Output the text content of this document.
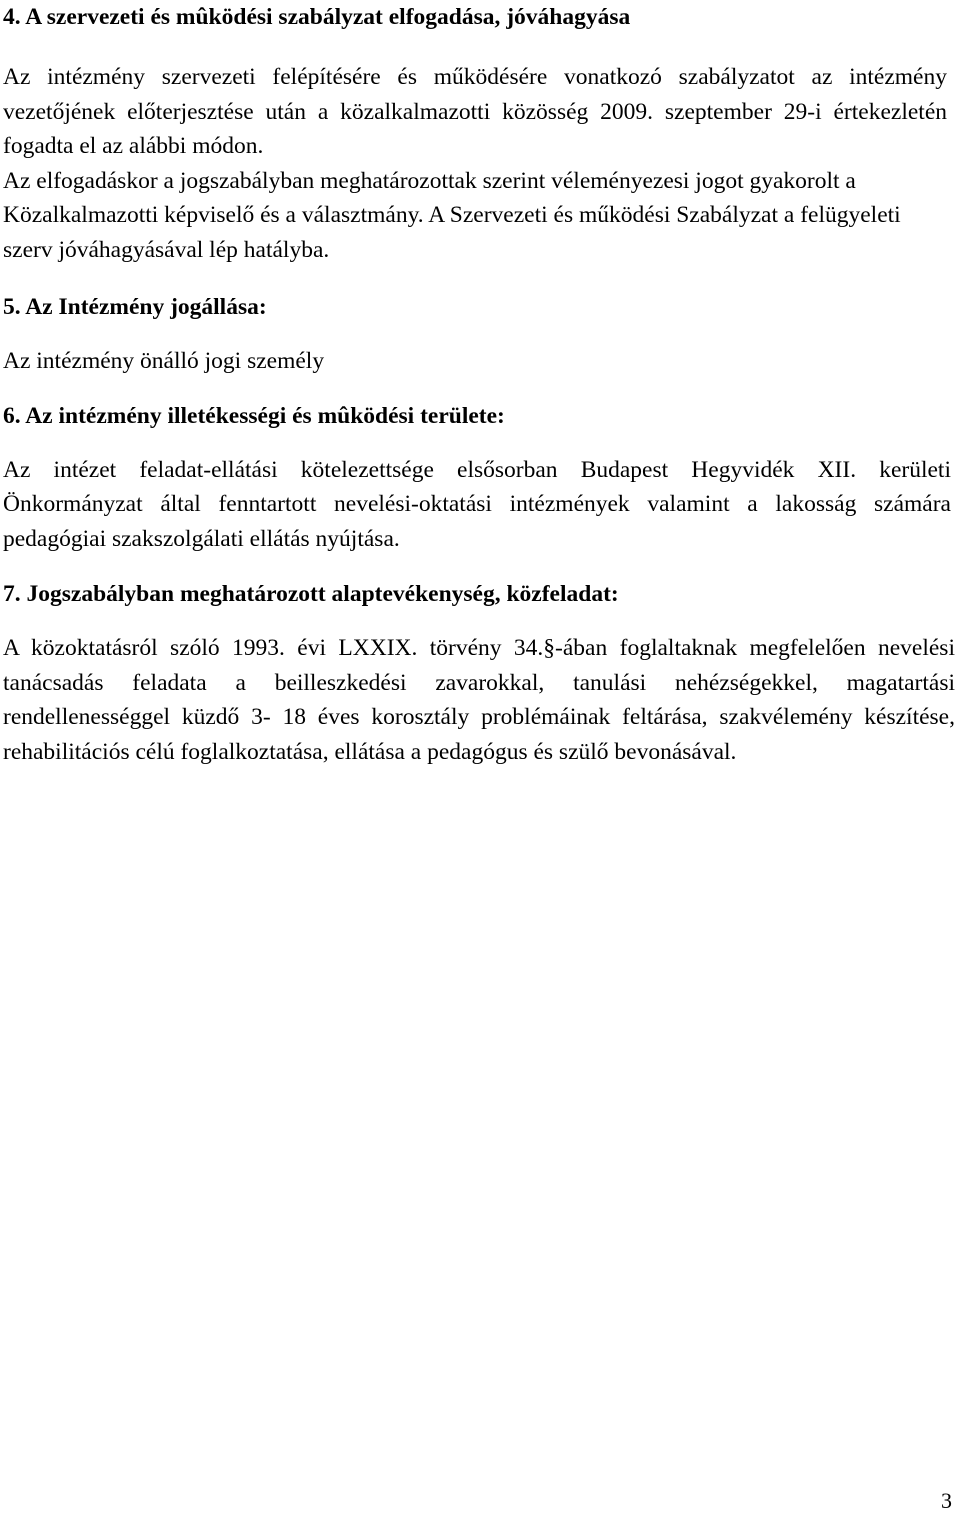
4. A szervezeti és mûködési szabályzat elfogadása, jóváhagyása

Az intézmény szervezeti felépítésére és működésére vonatkozó szabályzatot az intézmény vezetőjének előterjesztése után a közalkalmazotti közösség 2009. szeptember 29-i értekezletén fogadta el az alábbi módon.

Az elfogadáskor a jogszabályban meghatározottak szerint véleményezesi jogot gyakorolt a Közalkalmazotti képviselő és a választmány. A Szervezeti és működési Szabályzat a felügyeleti szerv jóváhagyásával lép hatályba.

5. Az Intézmény jogállása:

Az intézmény önálló jogi személy

6. Az intézmény illetékességi és mûködési területe:

Az intézet feladat-ellátási kötelezettsége elsősorban Budapest Hegyvidék XII. kerületi Önkormányzat által fenntartott nevelési-oktatási intézmények valamint a lakosság számára pedagógiai szakszolgálati ellátás nyújtása.

7. Jogszabályban meghatározott alaptevékenység, közfeladat:

A közoktatásról szóló 1993. évi LXXIX. törvény 34.§-ában foglaltaknak megfelelően nevelési tanácsadás feladata a beilleszkedési zavarokkal, tanulási nehézségekkel, magatartási rendellenességgel küzdő 3- 18 éves korosztály problémáinak feltárása, szakvélemény készítése, rehabilitációs célú foglalkoztatása, ellátása a pedagógus és szülő bevonásával.

3
